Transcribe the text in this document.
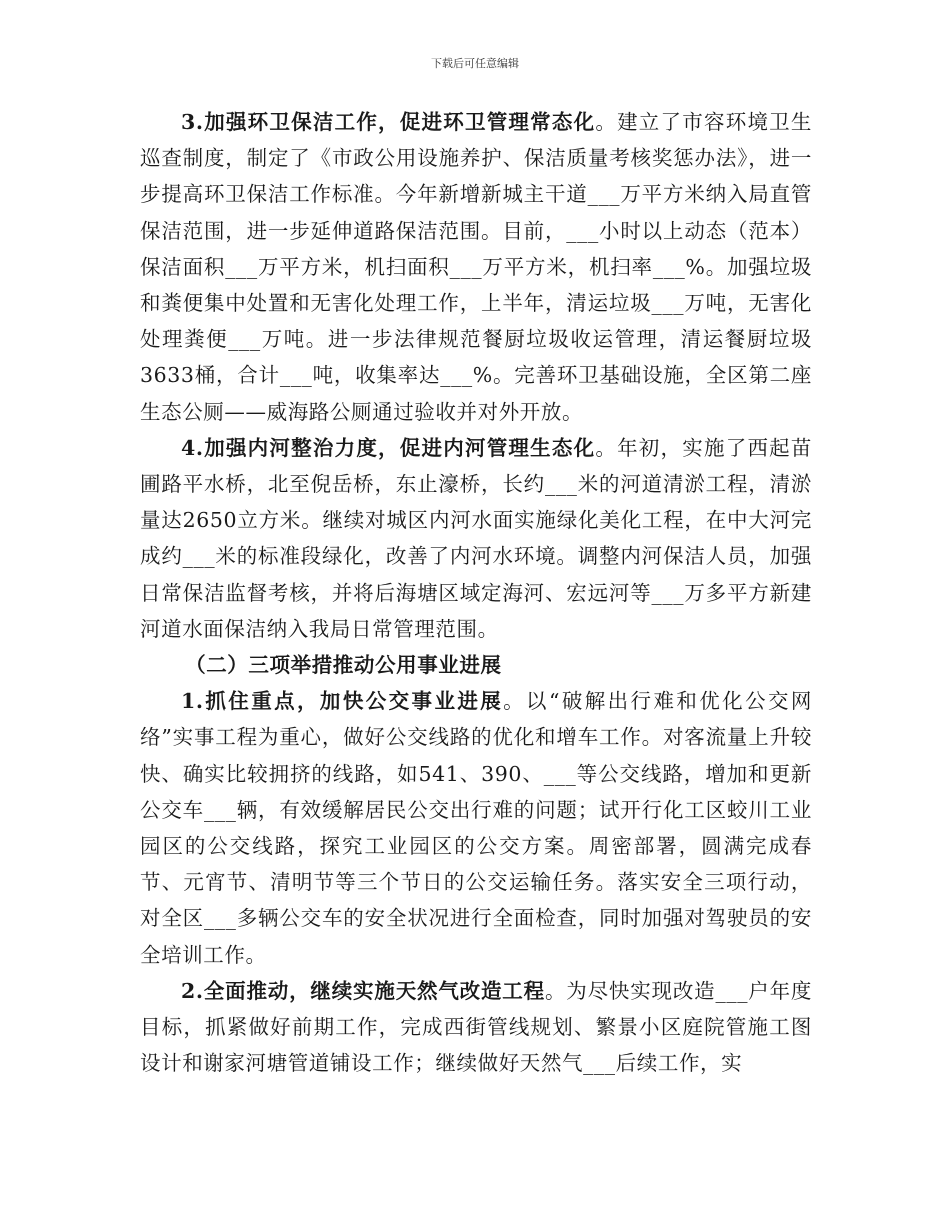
下载后可任意编辑

3.加强环卫保洁工作，促进环卫管理常态化。建立了市容环境卫生巡查制度，制定了《市政公用设施养护、保洁质量考核奖惩办法》，进一步提高环卫保洁工作标准。今年新增新城主干道___万平方米纳入局直管保洁范围，进一步延伸道路保洁范围。目前，___小时以上动态（范本）保洁面积___万平方米，机扫面积___万平方米，机扫率___%。加强垃圾和粪便集中处置和无害化处理工作，上半年，清运垃圾___万吨，无害化处理粪便___万吨。进一步法律规范餐厨垃圾收运管理，清运餐厨垃圾3633桶，合计___吨，收集率达___%。完善环卫基础设施，全区第二座生态公厕——威海路公厕通过验收并对外开放。

4.加强内河整治力度，促进内河管理生态化。年初，实施了西起苗圃路平水桥，北至倪岳桥，东止濠桥，长约___米的河道清淤工程，清淤量达2650立方米。继续对城区内河水面实施绿化美化工程，在中大河完成约___米的标准段绿化，改善了内河水环境。调整内河保洁人员，加强日常保洁监督考核，并将后海塘区域定海河、宏远河等___万多平方新建河道水面保洁纳入我局日常管理范围。

（二）三项举措推动公用事业进展

1.抓住重点，加快公交事业进展。以“破解出行难和优化公交网络”实事工程为重心，做好公交线路的优化和增车工作。对客流量上升较快、确实比较拥挤的线路，如541、390、___等公交线路，增加和更新公交车___辆，有效缓解居民公交出行难的问题；试开行化工区蛟川工业园区的公交线路，探究工业园区的公交方案。周密部署，圆满完成春节、元宵节、清明节等三个节日的公交运输任务。落实安全三项行动，对全区___多辆公交车的安全状况进行全面检查，同时加强对驾驶员的安全培训工作。

2.全面推动，继续实施天然气改造工程。为尽快实现改造___户年度目标，抓紧做好前期工作，完成西街管线规划、繁景小区庭院管施工图设计和谢家河塘管道铺设工作；继续做好天然气___后续工作，实
